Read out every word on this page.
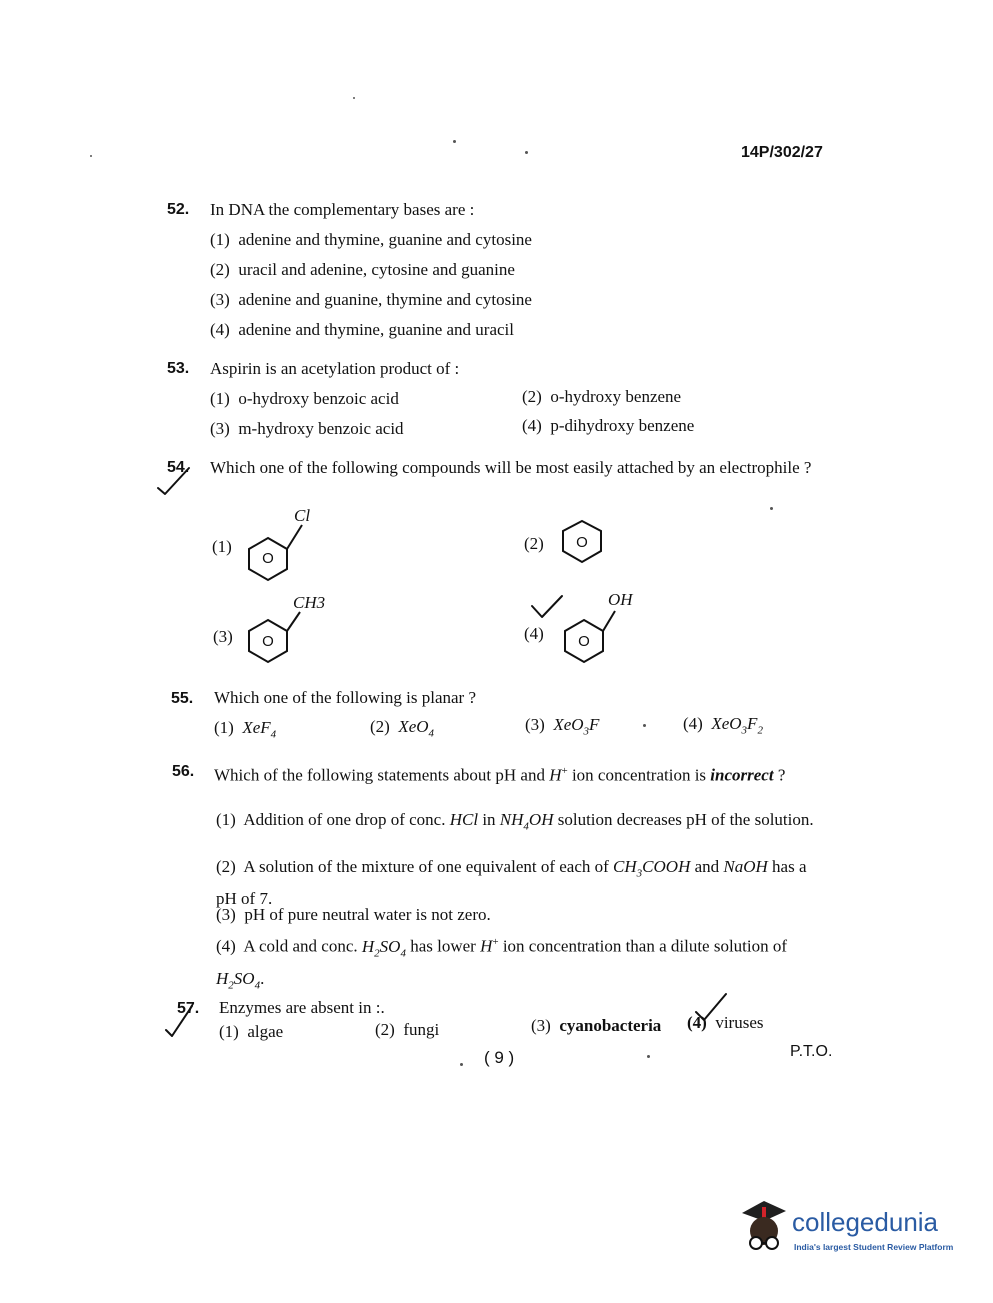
14P/302/27
52. In DNA the complementary bases are :
(1) adenine and thymine, guanine and cytosine
(2) uracil and adenine, cytosine and guanine
(3) adenine and guanine, thymine and cytosine
(4) adenine and thymine, guanine and uracil
53. Aspirin is an acetylation product of :
(1) o-hydroxy benzoic acid	(2) o-hydroxy benzene
(3) m-hydroxy benzoic acid	(4) p-dihydroxy benzene
54. Which one of the following compounds will be most easily attached by an electrophile ?
(1)
O
Cl
(2) O
(3) O
CH3
(4) O
OH
55. Which one of the following is planar ?
(1) XeF$_4$	(2) XeO$_4$	(3) XeO$_3$F	(4) $XeO_3F_2$
56. Which of the following statements about pH and H+ ion concentration is incorrect ?
(1) Addition of one drop of conc. HCl in $NH_4OH$ solution decreases pH of the solution.
(2) A solution of the mixture of one equivalent of each of $CH_3COOH$ and NaOH has a pH of 7.
(3) pH of pure neutral water is not zero.
(4) A cold and conc. $H_2SO_4$ has lower H+ ion concentration than a dilute solution of $H_2SO_4$.
57. Enzymes are absent in :.
(1) algae	(2) fungi	(3) cyanobacteria (4) viruses
( 9 )	P.T.O.
collegedunia
India's largest Student Review Platform
